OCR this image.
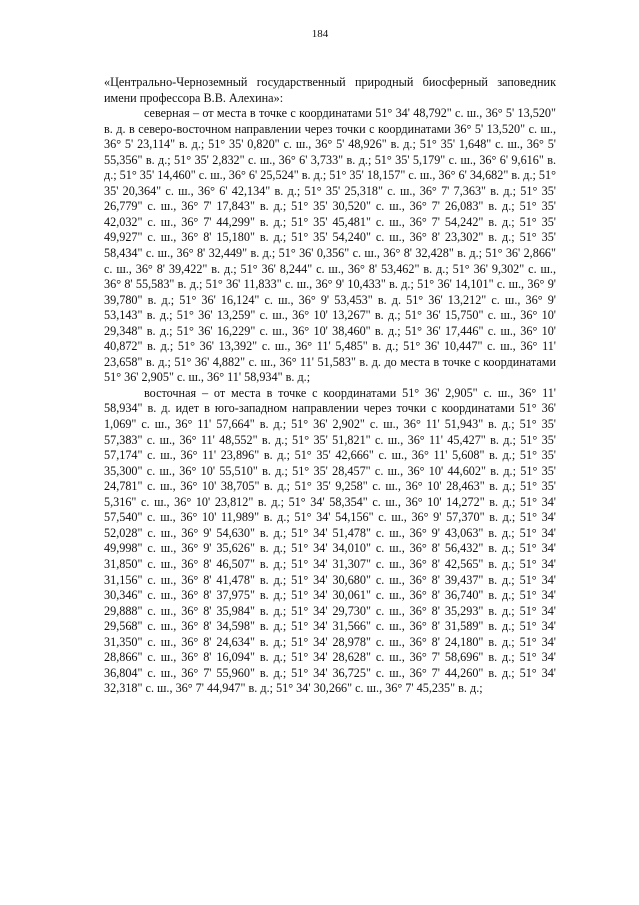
184

«Центрально-Черноземный государственный природный биосферный заповедник имени профессора В.В. Алехина»:

северная – от места в точке с координатами 51° 34' 48,792" с. ш., 36° 5' 13,520" в. д. в северо-восточном направлении через точки с координатами 36° 5' 13,520" с. ш., 36° 5' 23,114" в. д.; 51° 35' 0,820" с. ш., 36° 5' 48,926" в. д.; 51° 35' 1,648" с. ш., 36° 5' 55,356" в. д.; 51° 35' 2,832" с. ш., 36° 6' 3,733" в. д.; 51° 35' 5,179" с. ш., 36° 6' 9,616" в. д.; 51° 35' 14,460" с. ш., 36° 6' 25,524" в. д.; 51° 35' 18,157" с. ш., 36° 6' 34,682" в. д.; 51° 35' 20,364" с. ш., 36° 6' 42,134" в. д.; 51° 35' 25,318" с. ш., 36° 7' 7,363" в. д.; 51° 35' 26,779" с. ш., 36° 7' 17,843" в. д.; 51° 35' 30,520" с. ш., 36° 7' 26,083" в. д.; 51° 35' 42,032" с. ш., 36° 7' 44,299" в. д.; 51° 35' 45,481" с. ш., 36° 7' 54,242" в. д.; 51° 35' 49,927" с. ш., 36° 8' 15,180" в. д.; 51° 35' 54,240" с. ш., 36° 8' 23,302" в. д.; 51° 35' 58,434" с. ш., 36° 8' 32,449" в. д.; 51° 36' 0,356" с. ш., 36° 8' 32,428" в. д.; 51° 36' 2,866" с. ш., 36° 8' 39,422" в. д.; 51° 36' 8,244" с. ш., 36° 8' 53,462" в. д.; 51° 36' 9,302" с. ш., 36° 8' 55,583" в. д.; 51° 36' 11,833" с. ш., 36° 9' 10,433" в. д.; 51° 36' 14,101" с. ш., 36° 9' 39,780" в. д.; 51° 36' 16,124" с. ш., 36° 9' 53,453" в. д. 51° 36' 13,212" с. ш., 36° 9' 53,143" в. д.; 51° 36' 13,259" с. ш., 36° 10' 13,267" в. д.; 51° 36' 15,750" с. ш., 36° 10' 29,348" в. д.; 51° 36' 16,229" с. ш., 36° 10' 38,460" в. д.; 51° 36' 17,446" с. ш., 36° 10' 40,872" в. д.; 51° 36' 13,392" с. ш., 36° 11' 5,485" в. д.; 51° 36' 10,447" с. ш., 36° 11' 23,658" в. д.; 51° 36' 4,882" с. ш., 36° 11' 51,583" в. д. до места в точке с координатами 51° 36' 2,905" с. ш., 36° 11' 58,934" в. д.;

восточная – от места в точке с координатами 51° 36' 2,905" с. ш., 36° 11' 58,934" в. д. идет в юго-западном направлении через точки с координатами 51° 36' 1,069" с. ш., 36° 11' 57,664" в. д.; 51° 36' 2,902" с. ш., 36° 11' 51,943" в. д.; 51° 35' 57,383" с. ш., 36° 11' 48,552" в. д.; 51° 35' 51,821" с. ш., 36° 11' 45,427" в. д.; 51° 35' 57,174" с. ш., 36° 11' 23,896" в. д.; 51° 35' 42,666" с. ш., 36° 11' 5,608" в. д.; 51° 35' 35,300" с. ш., 36° 10' 55,510" в. д.; 51° 35' 28,457" с. ш., 36° 10' 44,602" в. д.; 51° 35' 24,781" с. ш., 36° 10' 38,705" в. д.; 51° 35' 9,258" с. ш., 36° 10' 28,463" в. д.; 51° 35' 5,316" с. ш., 36° 10' 23,812" в. д.; 51° 34' 58,354" с. ш., 36° 10' 14,272" в. д.; 51° 34' 57,540" с. ш., 36° 10' 11,989" в. д.; 51° 34' 54,156" с. ш., 36° 9' 57,370" в. д.; 51° 34' 52,028" с. ш., 36° 9' 54,630" в. д.; 51° 34' 51,478" с. ш., 36° 9' 43,063" в. д.; 51° 34' 49,998" с. ш., 36° 9' 35,626" в. д.; 51° 34' 34,010" с. ш., 36° 8' 56,432" в. д.; 51° 34' 31,850" с. ш., 36° 8' 46,507" в. д.; 51° 34' 31,307" с. ш., 36° 8' 42,565" в. д.; 51° 34' 31,156" с. ш., 36° 8' 41,478" в. д.; 51° 34' 30,680" с. ш., 36° 8' 39,437" в. д.; 51° 34' 30,346" с. ш., 36° 8' 37,975" в. д.; 51° 34' 30,061" с. ш., 36° 8' 36,740" в. д.; 51° 34' 29,888" с. ш., 36° 8' 35,984" в. д.; 51° 34' 29,730" с. ш., 36° 8' 35,293" в. д.; 51° 34' 29,568" с. ш., 36° 8' 34,598" в. д.; 51° 34' 31,566" с. ш., 36° 8' 31,589" в. д.; 51° 34' 31,350" с. ш., 36° 8' 24,634" в. д.; 51° 34' 28,978" с. ш., 36° 8' 24,180" в. д.; 51° 34' 28,866" с. ш., 36° 8' 16,094" в. д.; 51° 34' 28,628" с. ш., 36° 7' 58,696" в. д.; 51° 34' 36,804" с. ш., 36° 7' 55,960" в. д.; 51° 34' 36,725" с. ш., 36° 7' 44,260" в. д.; 51° 34' 32,318" с. ш., 36° 7' 44,947" в. д.; 51° 34' 30,266" с. ш., 36° 7' 45,235" в. д.;
